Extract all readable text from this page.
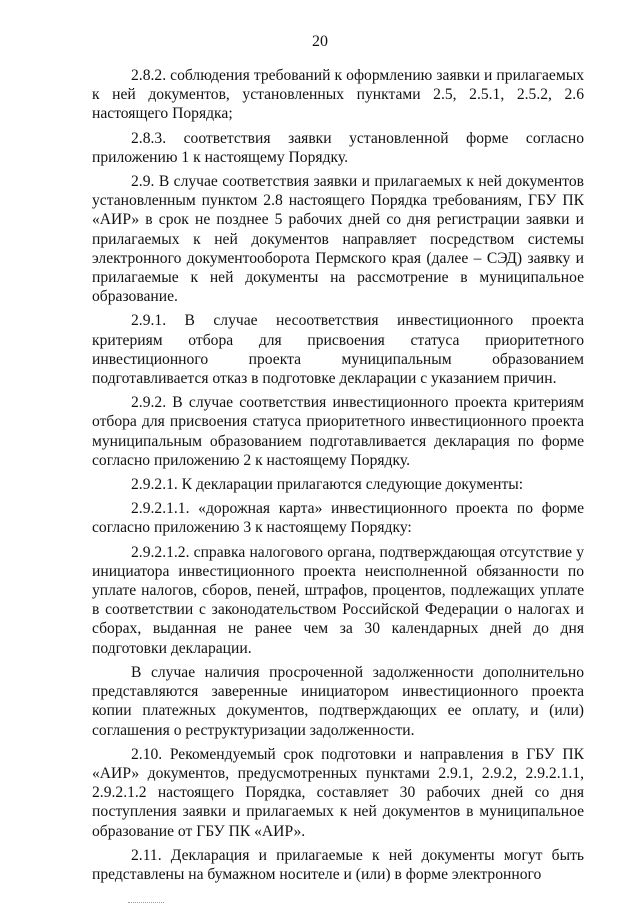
20

2.8.2. соблюдения требований к оформлению заявки и прилагаемых к ней документов, установленных пунктами 2.5, 2.5.1, 2.5.2, 2.6 настоящего Порядка;

2.8.3. соответствия заявки установленной форме согласно приложению 1 к настоящему Порядку.

2.9. В случае соответствия заявки и прилагаемых к ней документов установленным пунктом 2.8 настоящего Порядка требованиям, ГБУ ПК «АИР» в срок не позднее 5 рабочих дней со дня регистрации заявки и прилагаемых к ней документов направляет посредством системы электронного документооборота Пермского края (далее – СЭД) заявку и прилагаемые к ней документы на рассмотрение в муниципальное образование.

2.9.1. В случае несоответствия инвестиционного проекта критериям отбора для присвоения статуса приоритетного инвестиционного проекта муниципальным образованием подготавливается отказ в подготовке декларации с указанием причин.

2.9.2. В случае соответствия инвестиционного проекта критериям отбора для присвоения статуса приоритетного инвестиционного проекта муниципальным образованием подготавливается декларация по форме согласно приложению 2 к настоящему Порядку.

2.9.2.1. К декларации прилагаются следующие документы:

2.9.2.1.1. «дорожная карта» инвестиционного проекта по форме согласно приложению 3 к настоящему Порядку:

2.9.2.1.2. справка налогового органа, подтверждающая отсутствие у инициатора инвестиционного проекта неисполненной обязанности по уплате налогов, сборов, пеней, штрафов, процентов, подлежащих уплате в соответствии с законодательством Российской Федерации о налогах и сборах, выданная не ранее чем за 30 календарных дней до дня подготовки декларации.

В случае наличия просроченной задолженности дополнительно представляются заверенные инициатором инвестиционного проекта копии платежных документов, подтверждающих ее оплату, и (или) соглашения о реструктуризации задолженности.

2.10. Рекомендуемый срок подготовки и направления в ГБУ ПК «АИР» документов, предусмотренных пунктами 2.9.1, 2.9.2, 2.9.2.1.1, 2.9.2.1.2 настоящего Порядка, составляет 30 рабочих дней со дня поступления заявки и прилагаемых к ней документов в муниципальное образование от ГБУ ПК «АИР».

2.11. Декларация и прилагаемые к ней документы могут быть представлены на бумажном носителе и (или) в форме электронного
